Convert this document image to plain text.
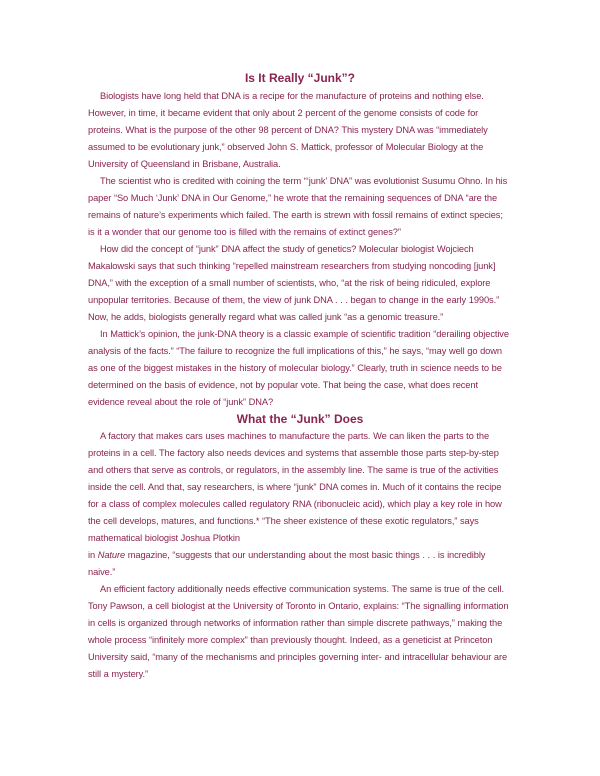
Is It Really “Junk”?

Biologists have long held that DNA is a recipe for the manufacture of proteins and nothing else. However, in time, it became evident that only about 2 percent of the genome consists of code for proteins. What is the purpose of the other 98 percent of DNA? This mystery DNA was “immediately assumed to be evolutionary junk,” observed John S. Mattick, professor of Molecular Biology at the University of Queensland in Brisbane, Australia.

The scientist who is credited with coining the term “‘junk’ DNA” was evolutionist Susumu Ohno. In his paper “So Much ‘Junk’ DNA in Our Genome,” he wrote that the remaining sequences of DNA “are the remains of nature’s experiments which failed. The earth is strewn with fossil remains of extinct species; is it a wonder that our genome too is filled with the remains of extinct genes?”

How did the concept of “junk” DNA affect the study of genetics? Molecular biologist Wojciech Makalowski says that such thinking “repelled mainstream researchers from studying noncoding [junk] DNA,” with the exception of a small number of scientists, who, “at the risk of being ridiculed, explore unpopular territories. Because of them, the view of junk DNA . . . began to change in the early 1990s.” Now, he adds, biologists generally regard what was called junk “as a genomic treasure.”

In Mattick’s opinion, the junk-DNA theory is a classic example of scientific tradition “derailing objective analysis of the facts.” “The failure to recognize the full implications of this,” he says, “may well go down as one of the biggest mistakes in the history of molecular biology.” Clearly, truth in science needs to be determined on the basis of evidence, not by popular vote. That being the case, what does recent evidence reveal about the role of “junk” DNA?

What the “Junk” Does

A factory that makes cars uses machines to manufacture the parts. We can liken the parts to the proteins in a cell. The factory also needs devices and systems that assemble those parts step-by-step and others that serve as controls, or regulators, in the assembly line. The same is true of the activities inside the cell. And that, say researchers, is where “junk” DNA comes in. Much of it contains the recipe for a class of complex molecules called regulatory RNA (ribonucleic acid), which play a key role in how the cell develops, matures, and functions.* “The sheer existence of these exotic regulators,” says mathematical biologist Joshua Plotkin

in Nature magazine, “suggests that our understanding about the most basic things . . . is incredibly naive.”

An efficient factory additionally needs effective communication systems. The same is true of the cell. Tony Pawson, a cell biologist at the University of Toronto in Ontario, explains: “The signalling information in cells is organized through networks of information rather than simple discrete pathways,” making the whole process “infinitely more complex” than previously thought. Indeed, as a geneticist at Princeton University said, “many of the mechanisms and principles governing inter- and intracellular behaviour are still a mystery.”
